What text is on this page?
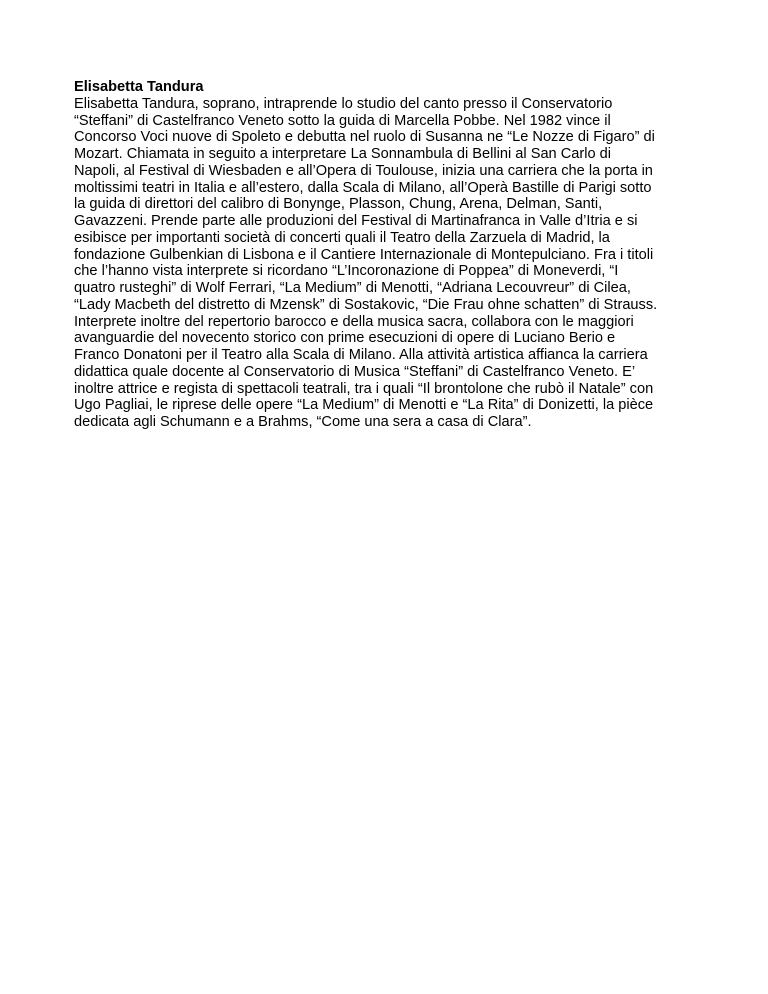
Elisabetta Tandura

Elisabetta Tandura, soprano, intraprende lo studio del canto presso il Conservatorio
“Steffani” di Castelfranco Veneto sotto la guida di Marcella Pobbe. Nel 1982 vince il
Concorso Voci nuove di Spoleto e debutta nel ruolo di Susanna ne “Le Nozze di Figaro” di
Mozart. Chiamata in seguito a interpretare La Sonnambula di Bellini al San Carlo di
Napoli, al Festival di Wiesbaden e all’Opera di Toulouse, inizia una carriera che la porta in
moltissimi teatri in Italia e all’estero, dalla Scala di Milano, all’Operà Bastille di Parigi sotto
la guida di direttori del calibro di Bonynge, Plasson, Chung, Arena, Delman, Santi,
Gavazzeni. Prende parte alle produzioni del Festival di Martinafranca in Valle d’Itria e si
esibisce per importanti società di concerti quali il Teatro della Zarzuela di Madrid, la
fondazione Gulbenkian di Lisbona e il Cantiere Internazionale di Montepulciano. Fra i titoli
che l’hanno vista interprete si ricordano “L’Incoronazione di Poppea” di Moneverdi, “I
quatro rusteghi” di Wolf Ferrari, “La Medium” di Menotti, “Adriana Lecouvreur” di Cilea,
“Lady Macbeth del distretto di Mzensk” di Sostakovic, “Die Frau ohne schatten” di Strauss.
Interprete inoltre del repertorio barocco e della musica sacra, collabora con le maggiori
avanguardie del novecento storico con prime esecuzioni di opere di Luciano Berio e
Franco Donatoni per il Teatro alla Scala di Milano. Alla attività artistica affianca la carriera
didattica quale docente al Conservatorio di Musica “Steffani” di Castelfranco Veneto. E’
inoltre attrice e regista di spettacoli teatrali, tra i quali “Il brontolone che rubò il Natale” con
Ugo Pagliai, le riprese delle opere “La Medium” di Menotti e “La Rita” di Donizetti, la pièce
dedicata agli Schumann e a Brahms, “Come una sera a casa di Clara”.
